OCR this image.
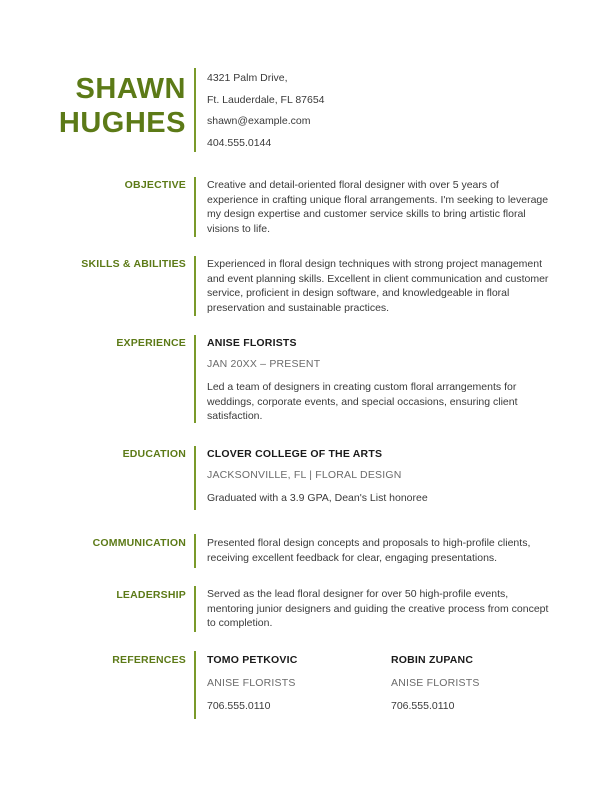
SHAWN
HUGHES
4321 Palm Drive,
Ft. Lauderdale, FL 87654
shawn@example.com
404.555.0144
OBJECTIVE Creative and detail-oriented floral designer with over 5 years of experience in crafting unique floral arrangements. I'm seeking to leverage my design expertise and customer service skills to bring artistic floral visions to life.
SKILLS & ABILITIES Experienced in floral design techniques with strong project management and event planning skills. Excellent in client communication and customer service, proficient in design software, and knowledgeable in floral preservation and sustainable practices.
EXPERIENCE ANISE FLORISTS
JAN 20XX – PRESENT

Led a team of designers in creating custom floral arrangements for weddings, corporate events, and special occasions, ensuring client satisfaction.

EDUCATION CLOVER COLLEGE OF THE ARTS
JACKSONVILLE, FL | FLORAL DESIGN

Graduated with a 3.9 GPA, Dean's List honoree

COMMUNICATION Presented floral design concepts and proposals to high-profile clients, receiving excellent feedback for clear, engaging presentations.
LEADERSHIP Served as the lead floral designer for over 50 high-profile events, mentoring junior designers and guiding the creative process from concept to completion.
REFERENCES TOMO PETKOVIC
ANISE FLORISTS
706.555.0110
ROBIN ZUPANC
ANISE FLORISTS
706.555.0110
